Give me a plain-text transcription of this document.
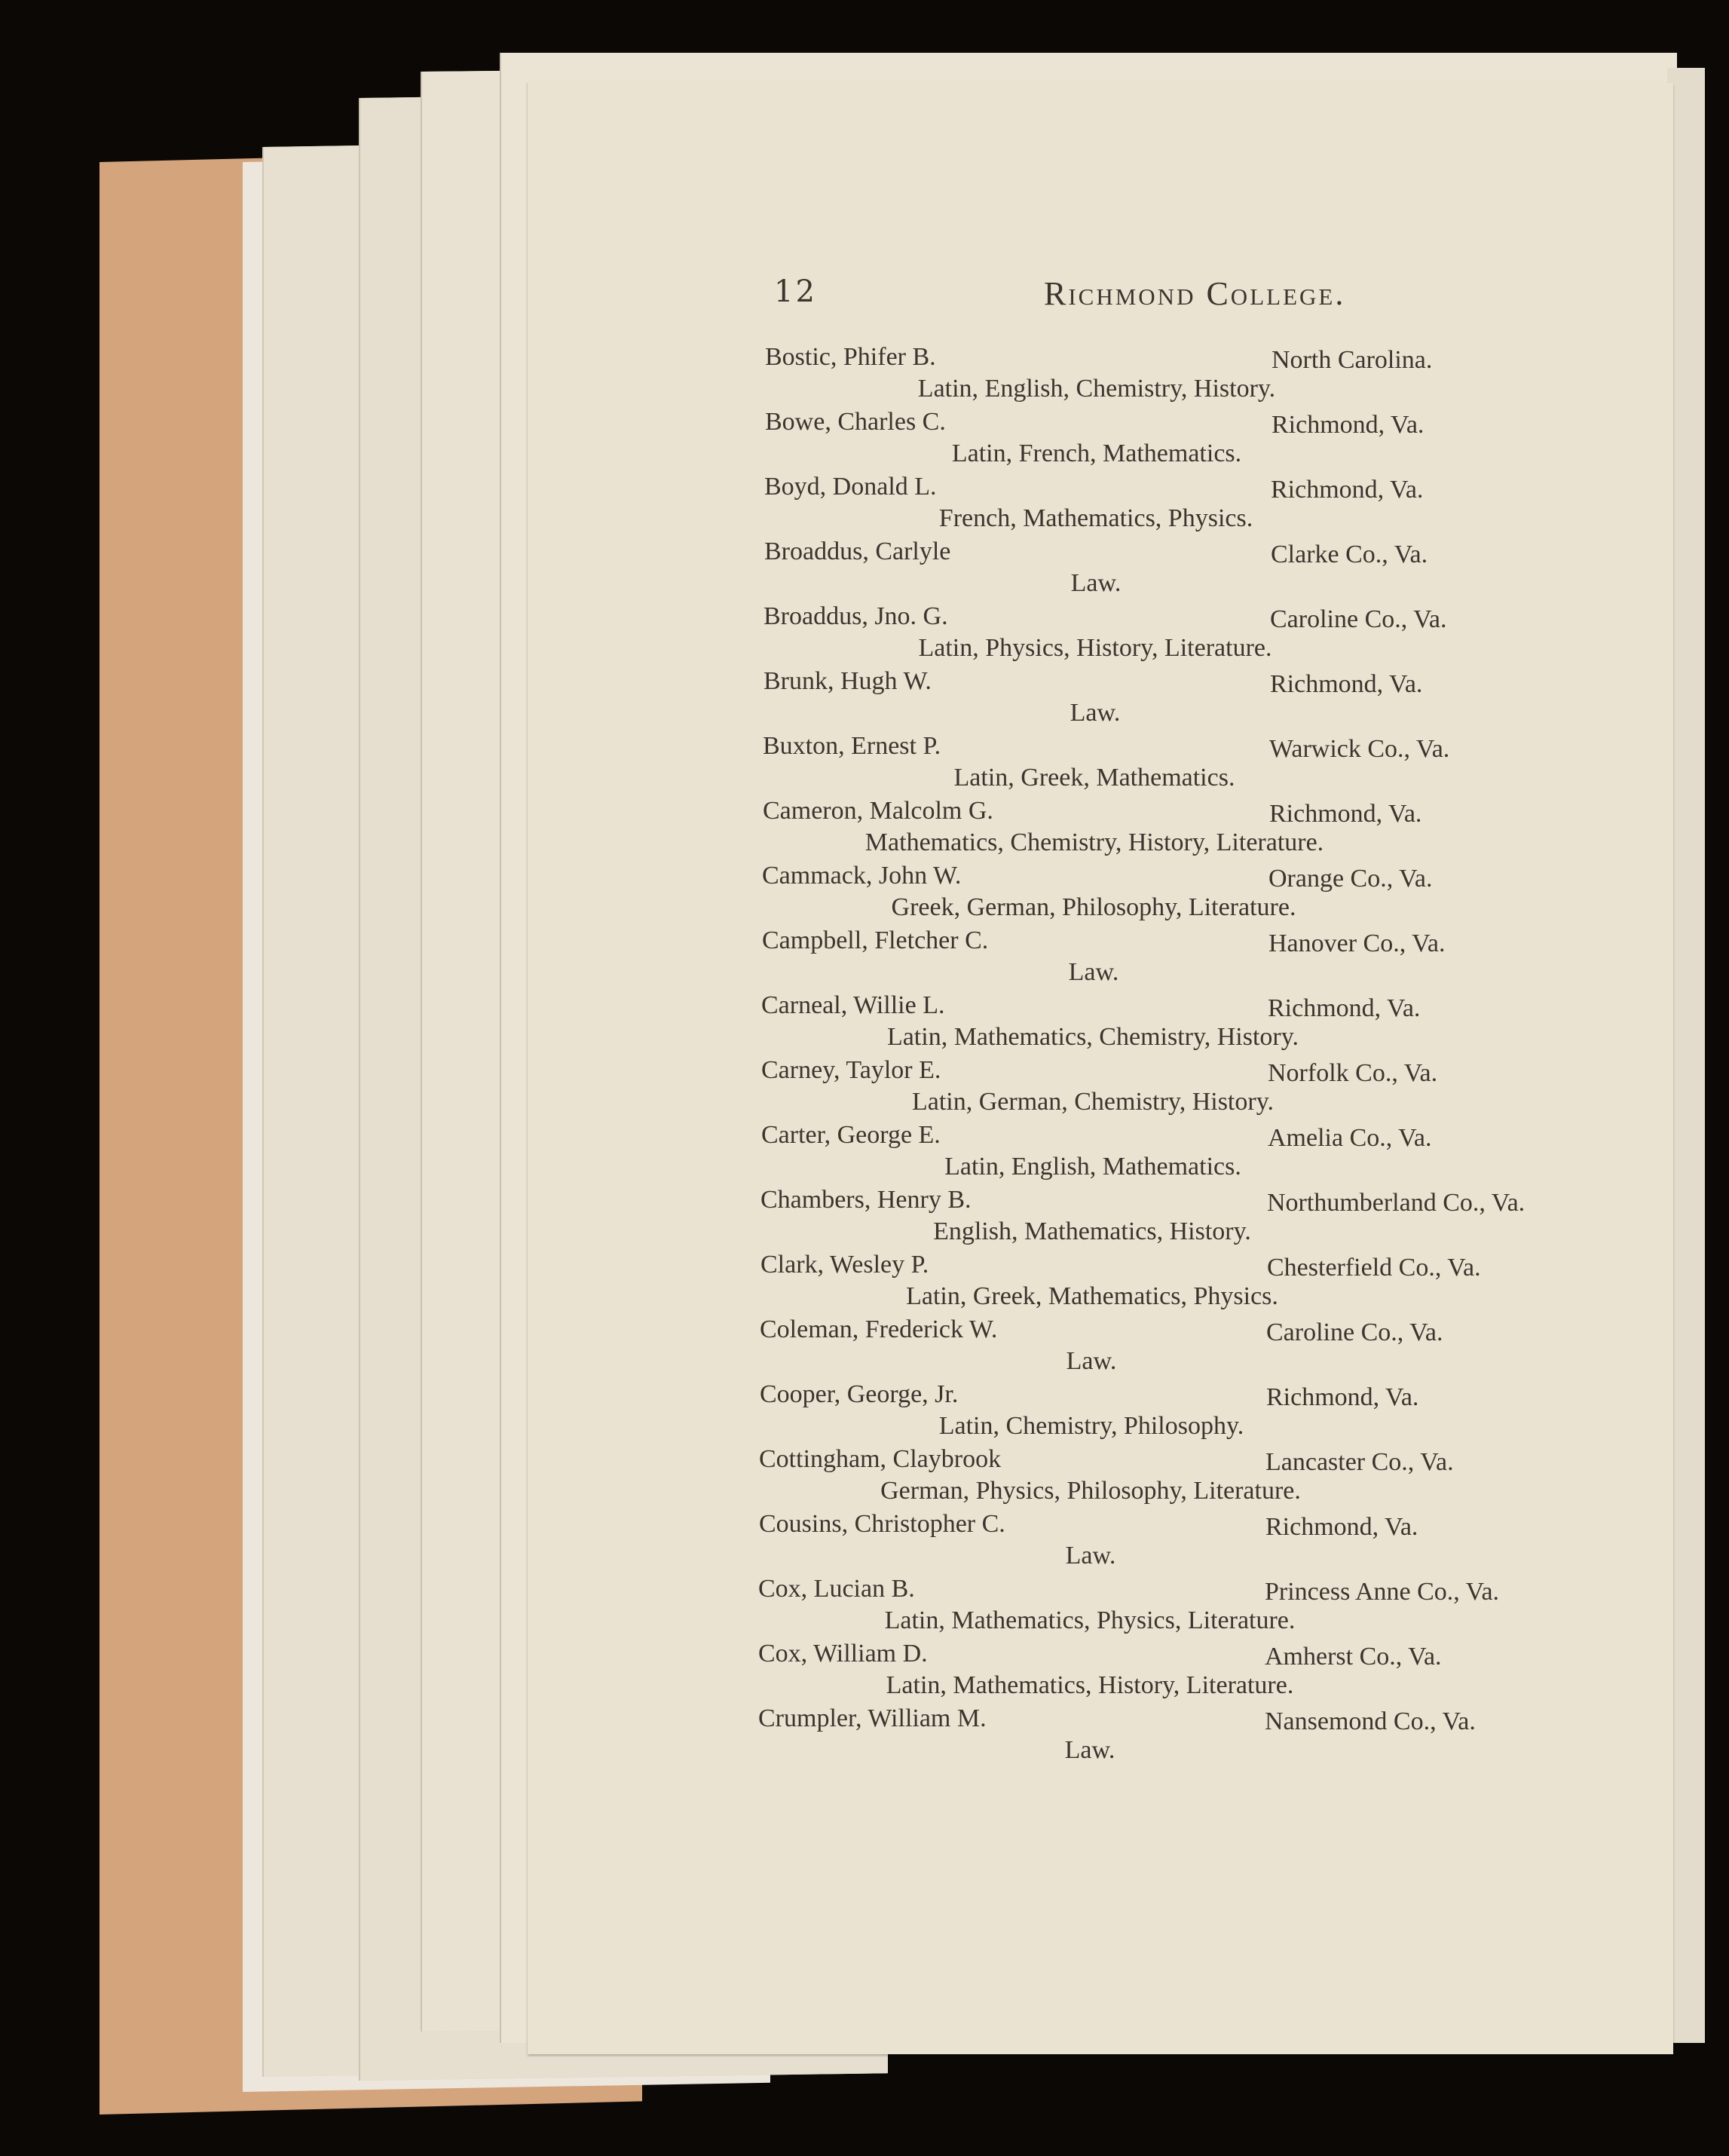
12	Richmond College.
Bostic, Phifer B.	North Carolina.
Latin, English, Chemistry, History.
Bowe, Charles C.	Richmond, Va.
Latin, French, Mathematics.
Boyd, Donald L.	Richmond, Va.
French, Mathematics, Physics.
Broaddus, Carlyle	Clarke Co., Va.
Law.
Broaddus, Jno. G.	Caroline Co., Va.
Latin, Physics, History, Literature.
Brunk, Hugh W.	Richmond, Va.
Law.
Buxton, Ernest P.	Warwick Co., Va.
Latin, Greek, Mathematics.
Cameron, Malcolm G.	Richmond, Va.
Mathematics, Chemistry, History, Literature.
Cammack, John W.	Orange Co., Va.
Greek, German, Philosophy, Literature.
Campbell, Fletcher C.	Hanover Co., Va.
Law.
Carneal, Willie L.	Richmond, Va.
Latin, Mathematics, Chemistry, History.
Carney, Taylor E.	Norfolk Co., Va.
Latin, German, Chemistry, History.
Carter, George E.	Amelia Co., Va.
Latin, English, Mathematics.
Chambers, Henry B.	Northumberland Co., Va.
English, Mathematics, History.
Clark, Wesley P.	Chesterfield Co., Va.
Latin, Greek, Mathematics, Physics.
Coleman, Frederick W.	Caroline Co., Va.
Law.
Cooper, George, Jr.	Richmond, Va.
Latin, Chemistry, Philosophy.
Cottingham, Claybrook	Lancaster Co., Va.
German, Physics, Philosophy, Literature.
Cousins, Christopher C.	Richmond, Va.
Law.
Cox, Lucian B.	Princess Anne Co., Va.
Latin, Mathematics, Physics, Literature.
Cox, William D.	Amherst Co., Va.
Latin, Mathematics, History, Literature.
Crumpler, William M.	Nansemond Co., Va.
Law.
